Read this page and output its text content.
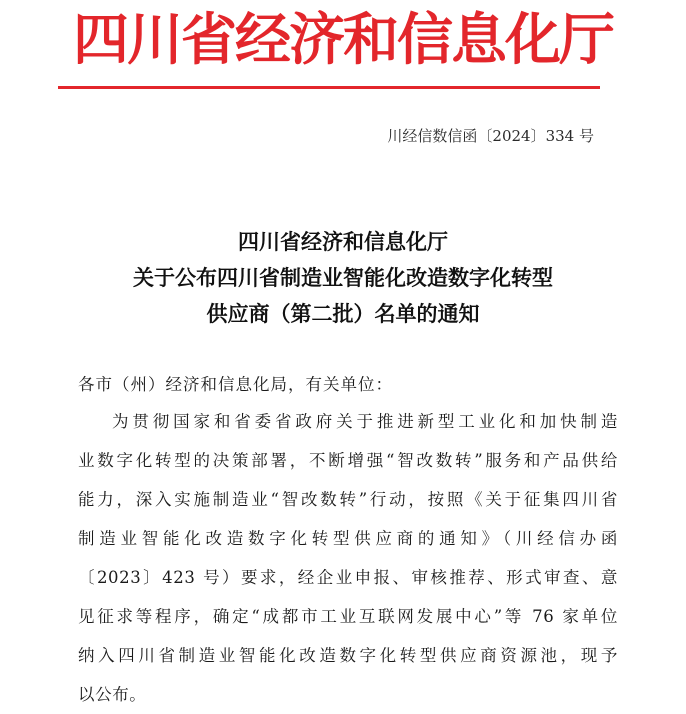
四川省经济和信息化厅
川经信数信函〔2024〕334 号
四川省经济和信息化厅
关于公布四川省制造业智能化改造数字化转型
供应商（第二批）名单的通知
各市（州）经济和信息化局，有关单位：
为贯彻国家和省委省政府关于推进新型工业化和加快制造
业数字化转型的决策部署，不断增强“智改数转”服务和产品供给
能力，深入实施制造业“智改数转”行动，按照《关于征集四川省
制造业智能化改造数字化转型供应商的通知》（川经信办函
〔2023〕423 号）要求，经企业申报、审核推荐、形式审查、意
见征求等程序，确定“成都市工业互联网发展中心”等 76 家单位
纳入四川省制造业智能化改造数字化转型供应商资源池，现予
以公布。
